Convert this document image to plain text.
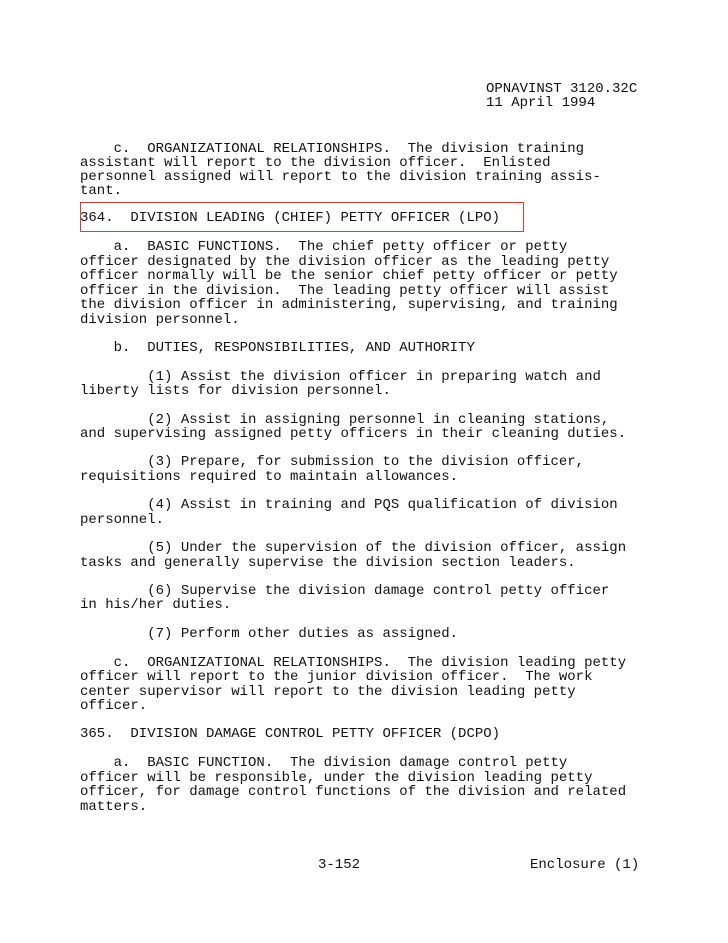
OPNAVINST 3120.32C
11 April 1994
c.  ORGANIZATIONAL RELATIONSHIPS.  The division training
assistant will report to the division officer.  Enlisted
personnel assigned will report to the division training assis-
tant.
364.  DIVISION LEADING (CHIEF) PETTY OFFICER (LPO)
a.  BASIC FUNCTIONS.  The chief petty officer or petty
officer designated by the division officer as the leading petty
officer normally will be the senior chief petty officer or petty
officer in the division.  The leading petty officer will assist
the division officer in administering, supervising, and training
division personnel.
b.  DUTIES, RESPONSIBILITIES, AND AUTHORITY
(1) Assist the division officer in preparing watch and
liberty lists for division personnel.
(2) Assist in assigning personnel in cleaning stations,
and supervising assigned petty officers in their cleaning duties.
(3) Prepare, for submission to the division officer,
requisitions required to maintain allowances.
(4) Assist in training and PQS qualification of division
personnel.
(5) Under the supervision of the division officer, assign
tasks and generally supervise the division section leaders.
(6) Supervise the division damage control petty officer
in his/her duties.
(7) Perform other duties as assigned.
c.  ORGANIZATIONAL RELATIONSHIPS.  The division leading petty
officer will report to the junior division officer.  The work
center supervisor will report to the division leading petty
officer.
365.  DIVISION DAMAGE CONTROL PETTY OFFICER (DCPO)
a.  BASIC FUNCTION.  The division damage control petty
officer will be responsible, under the division leading petty
officer, for damage control functions of the division and related
matters.
3-152	Enclosure (1)
